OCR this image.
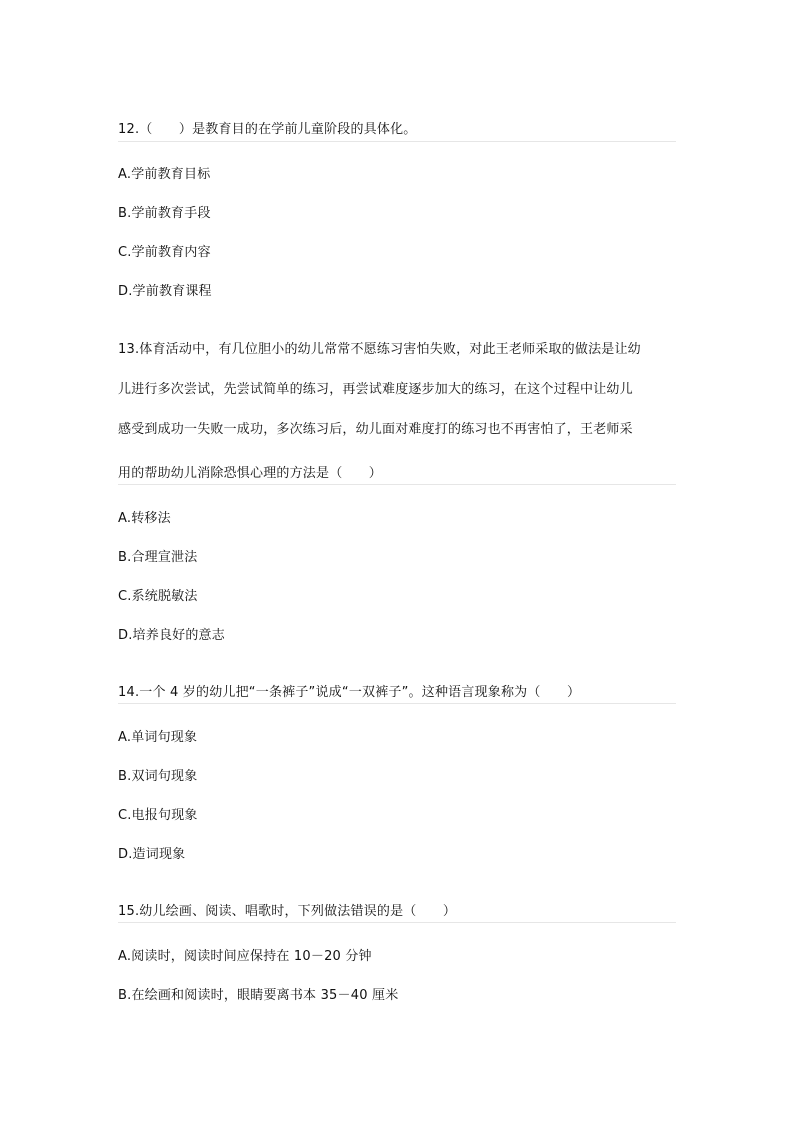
12.（　　）是教育目的在学前儿童阶段的具体化。
A.学前教育目标
B.学前教育手段
C.学前教育内容
D.学前教育课程
13.体育活动中，有几位胆小的幼儿常常不愿练习害怕失败，对此王老师采取的做法是让幼
儿进行多次尝试，先尝试简单的练习，再尝试难度逐步加大的练习，在这个过程中让幼儿
感受到成功一失败一成功，多次练习后，幼儿面对难度打的练习也不再害怕了，王老师采
用的帮助幼儿消除恐惧心理的方法是（　　）
A.转移法
B.合理宣泄法
C.系统脱敏法
D.培养良好的意志
14.一个 4 岁的幼儿把“一条裤子”说成“一双裤子”。这种语言现象称为（　　）
A.单词句现象
B.双词句现象
C.电报句现象
D.造词现象
15.幼儿绘画、阅读、唱歌时，下列做法错误的是（　　）
A.阅读时，阅读时间应保持在 10－20 分钟
B.在绘画和阅读时，眼睛要离书本 35－40 厘米
